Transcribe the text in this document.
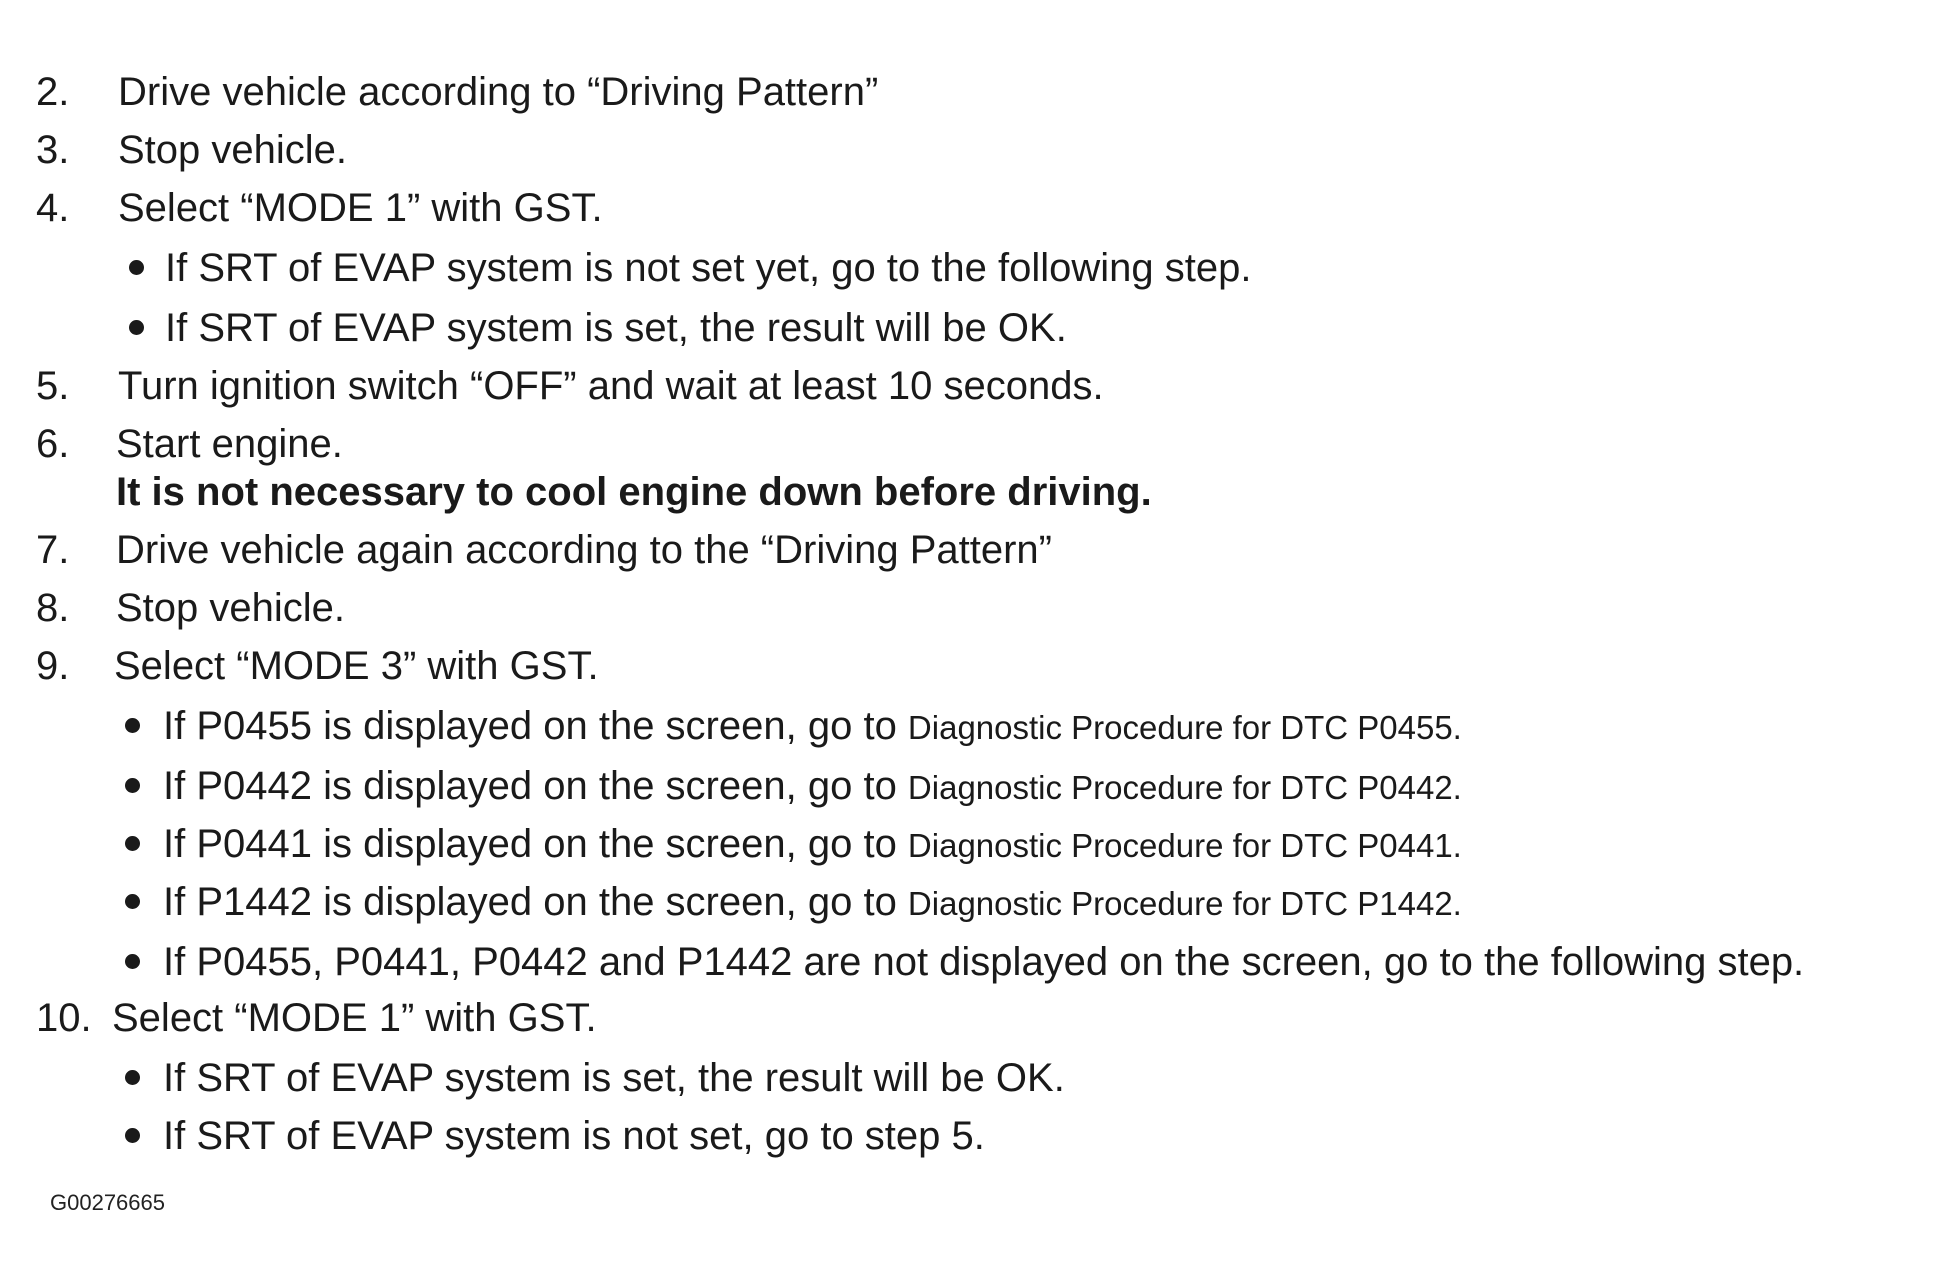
2.	Drive vehicle according to “Driving Pattern”
3.	Stop vehicle.
4.	Select “MODE 1” with GST.
If SRT of EVAP system is not set yet, go to the following step.
If SRT of EVAP system is set, the result will be OK.
5.	Turn ignition switch “OFF” and wait at least 10 seconds.
6.	Start engine.
It is not necessary to cool engine down before driving.
7.	Drive vehicle again according to the “Driving Pattern”
8.	Stop vehicle.
9.	Select “MODE 3” with GST.
If P0455 is displayed on the screen, go to Diagnostic Procedure for DTC P0455.
If P0442 is displayed on the screen, go to Diagnostic Procedure for DTC P0442.
If P0441 is displayed on the screen, go to Diagnostic Procedure for DTC P0441.
If P1442 is displayed on the screen, go to Diagnostic Procedure for DTC P1442.
If P0455, P0441, P0442 and P1442 are not displayed on the screen, go to the following step.
10. Select “MODE 1” with GST.
If SRT of EVAP system is set, the result will be OK.
If SRT of EVAP system is not set, go to step 5.
G00276665
